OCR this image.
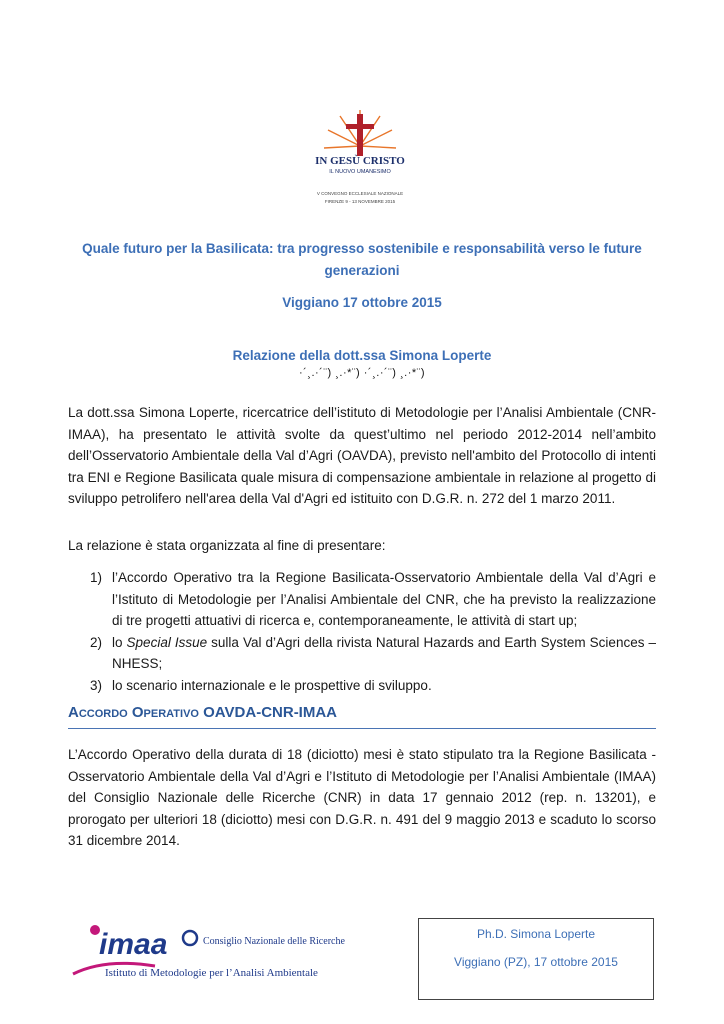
IN GESÙ CRISTO
IL NUOVO UMANESIMO
V CONVEGNO ECCLESIALE NAZIONALE
FIRENZE 9 - 13 NOVEMBRE 2015
Quale futuro per la Basilicata: tra progresso sostenibile e responsabilità verso le future
generazioni
Viggiano 17 ottobre 2015
Relazione della dott.ssa Simona Loperte
·´¸.·´¨) ¸.·*¨) ·´¸.·´¨) ¸.·*¨)
La dott.ssa Simona Loperte, ricercatrice dell’istituto di Metodologie per l’Analisi Ambientale (CNR-IMAA), ha presentato le attività svolte da quest’ultimo nel periodo 2012-2014 nell’ambito dell’Osservatorio Ambientale della Val d’Agri (OAVDA), previsto nell'ambito del Protocollo di intenti tra ENI e Regione Basilicata quale misura di compensazione ambientale in relazione al progetto di sviluppo petrolifero nell'area della Val d'Agri ed istituito con D.G.R. n. 272 del 1 marzo 2011.
La relazione è stata organizzata al fine di presentare:
1) l’Accordo Operativo tra la Regione Basilicata-Osservatorio Ambientale della Val d’Agri e l’Istituto di Metodologie per l’Analisi Ambientale del CNR, che ha previsto la realizzazione di tre progetti attuativi di ricerca e, contemporaneamente, le attività di start up;
2) lo Special Issue sulla Val d’Agri della rivista Natural Hazards and Earth System Sciences – NHESS;
3) lo scenario internazionale e le prospettive di sviluppo.
Accordo Operativo OAVDA-CNR-IMAA
L’Accordo Operativo della durata di 18 (diciotto) mesi è stato stipulato tra la Regione Basilicata - Osservatorio Ambientale della Val d’Agri e l’Istituto di Metodologie per l’Analisi Ambientale (IMAA) del Consiglio Nazionale delle Ricerche (CNR) in data 17 gennaio 2012 (rep. n. 13201), e prorogato per ulteriori 18 (diciotto) mesi con D.G.R. n. 491 del 9 maggio 2013 e scaduto lo scorso 31 dicembre 2014.
imaa	Consiglio Nazionale delle Ricerche
Istituto di Metodologie per l’Analisi Ambientale
Ph.D. Simona Loperte
Viggiano (PZ), 17 ottobre 2015
